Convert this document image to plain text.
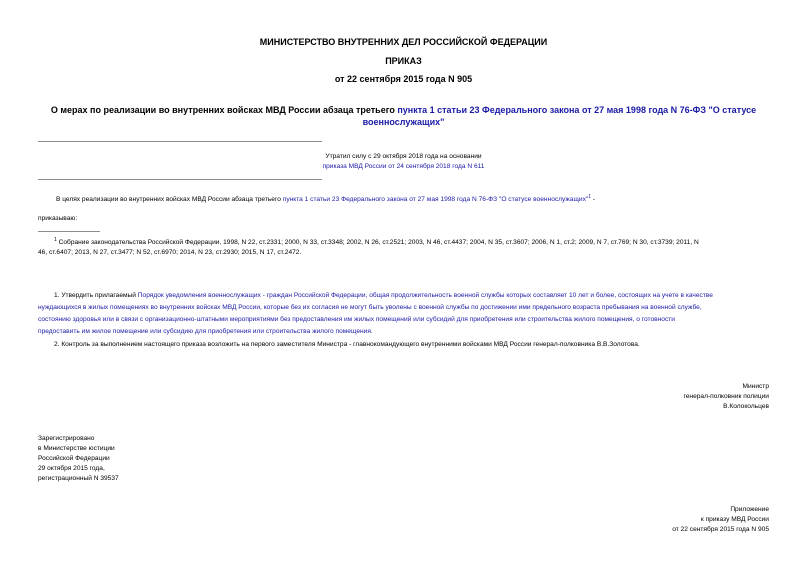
МИНИСТЕРСТВО ВНУТРЕННИХ ДЕЛ РОССИЙСКОЙ ФЕДЕРАЦИИ
ПРИКАЗ
от 22 сентября 2015 года N 905
О мерах по реализации во внутренних войсках МВД России абзаца третьего пункта 1 статьи 23 Федерального закона от 27 мая 1998 года N 76-ФЗ "О статусе
военнослужащих"
Утратил силу с 29 октября 2018 года на основании
приказа МВД России от 24 сентября 2018 года N 611
В целях реализации во внутренних войсках МВД России абзаца третьего пункта 1 статьи 23 Федерального закона от 27 мая 1998 года N 76-ФЗ "О статусе военнослужащих"$^1$ -
приказываю:
$^1$ Собрание законодательства Российской Федерации, 1998, N 22, ст.2331; 2000, N 33, ст.3348; 2002, N 26, ст.2521; 2003, N 46, ст.4437; 2004, N 35, ст.3607; 2006, N 1, ст.2; 2009, N 7, ст.769; N 30, ст.3739; 2011, N
46, ст.6407; 2013, N 27, ст.3477; N 52, ст.6970; 2014, N 23, ст.2930; 2015, N 17, ст.2472.
1. Утвердить прилагаемый Порядок уведомления военнослужащих - граждан Российской Федерации, общая продолжительность военной службы которых составляет 10 лет и более, состоящих на учете в качестве
нуждающихся в жилых помещениях во внутренних войсках МВД России, которые без их согласия не могут быть уволены с военной службы по достижении ими предельного возраста пребывания на военной службе,
состоянию здоровья или в связи с организационно-штатными мероприятиями без предоставления им жилых помещений или субсидий для приобретения или строительства жилого помещения, о готовности
предоставить им жилое помещение или субсидию для приобретения или строительства жилого помещения.
2. Контроль за выполнением настоящего приказа возложить на первого заместителя Министра - главнокомандующего внутренними войсками МВД России генерал-полковника В.В.Золотова.
Министр
генерал-полковник полиции
В.Колокольцев
Зарегистрировано
в Министерстве юстиции
Российской Федерации
29 октября 2015 года,
регистрационный N 39537
Приложение
к приказу МВД России
от 22 сентября 2015 года N 905
